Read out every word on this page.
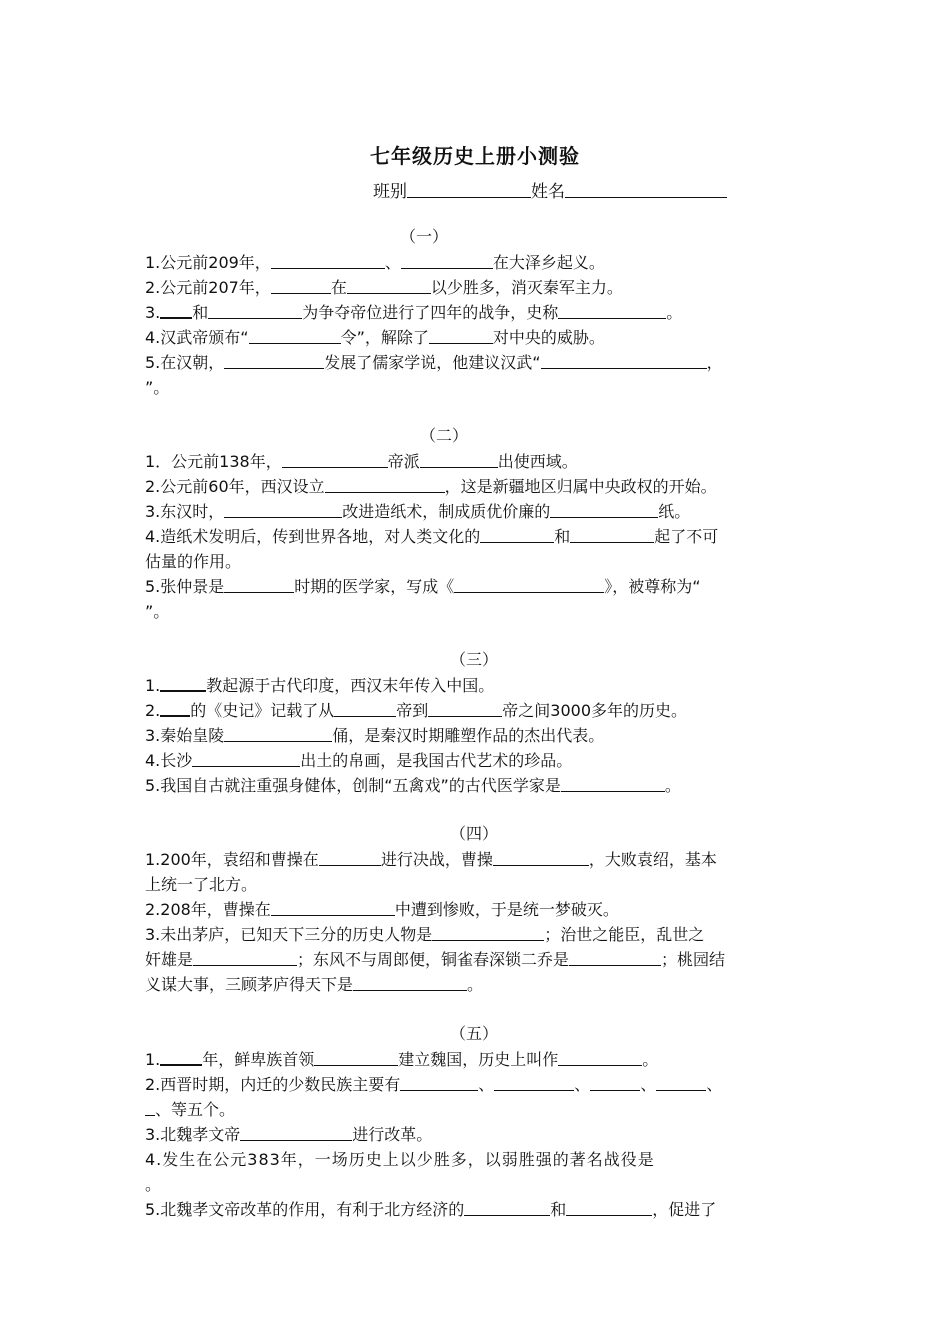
七年级历史上册小测验
班别	姓名
（一）
1.公元前209年，	、	在大泽乡起义。
2.公元前207年，	在	以少胜多，消灭秦军主力。
3. 和	为争夺帝位进行了四年的战争，史称	。
4.汉武帝颁布“	令”，解除了	对中央的威胁。
5.在汉朝，	发展了儒家学说，他建议汉武“	，
”。
（二）
1．公元前138年，	帝派	出使西域。
2.公元前60年，西汉设立	，这是新疆地区归属中央政权的开始。
3.东汉时，	改进造纸术，制成质优价廉的	纸。
4.造纸术发明后，传到世界各地，对人类文化的	和	起了不可
估量的作用。
5.张仲景是	时期的医学家，写成《	》，被尊称为“
”。
（三）
1.	教起源于古代印度，西汉末年传入中国。
2. 的《史记》记载了从	帝到	帝之间3000多年的历史。
3.秦始皇陵	俑，是秦汉时期雕塑作品的杰出代表。
4.长沙	出土的帛画，是我国古代艺术的珍品。
5.我国自古就注重强身健体，创制“五禽戏”的古代医学家是	。
（四）
1.200年，袁绍和曹操在	进行决战，曹操	，大败袁绍，基本
上统一了北方。
2.208年，曹操在	中遭到惨败，于是统一梦破灭。
3.未出茅庐，已知天下三分的历史人物是	；治世之能臣，乱世之
奸雄是	；东风不与周郎便，铜雀春深锁二乔是	；桃园结
义谋大事，三顾茅庐得天下是	。
（五）
1.	年，鲜卑族首领	建立魏国，历史上叫作	。
2.西晋时期，内迁的少数民族主要有	、	、	、	、
、等五个。
3.北魏孝文帝	进行改革。
4.发生在公元383年，一场历史上以少胜多，以弱胜强的著名战役是
。
5.北魏孝文帝改革的作用，有利于北方经济的	和	，促进了
